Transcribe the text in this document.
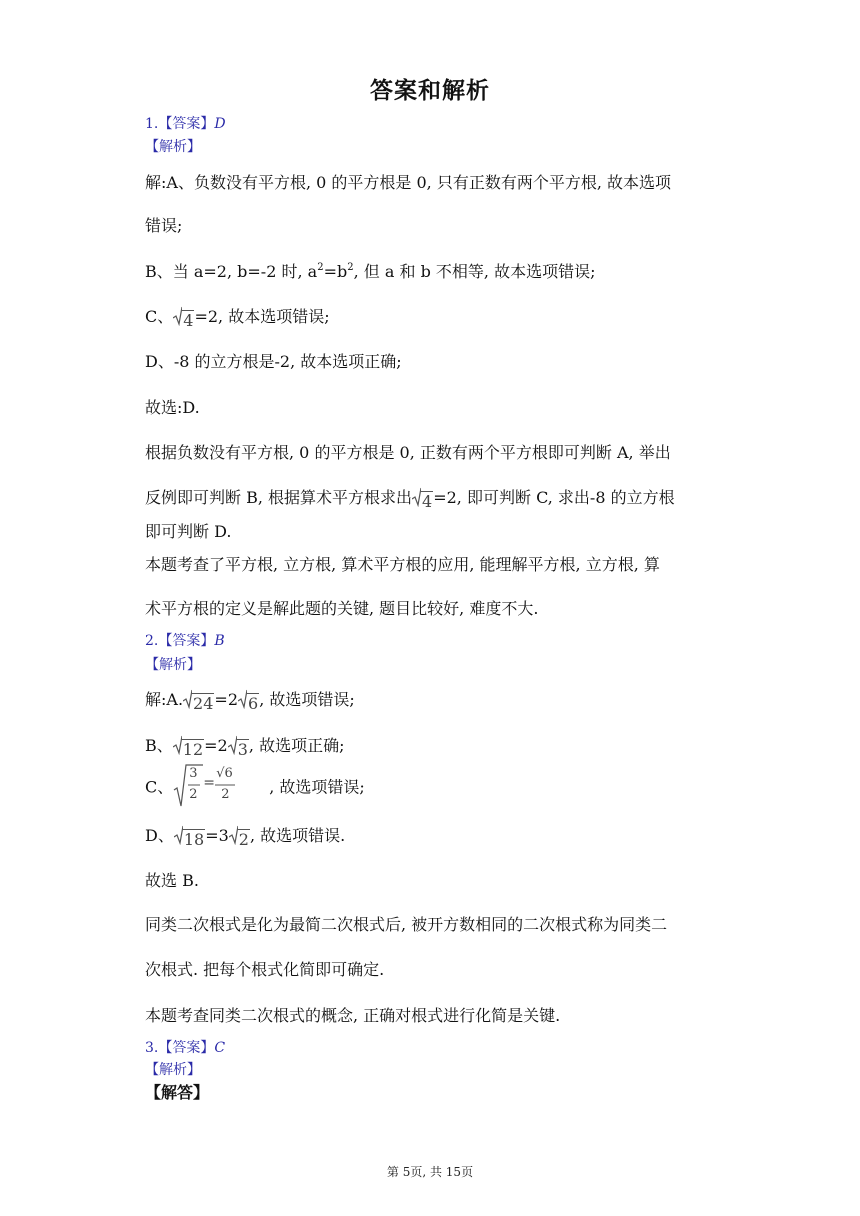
答案和解析
1.【答案】D
【解析】
解:A、负数没有平方根, 0 的平方根是 0, 只有正数有两个平方根, 故本选项
错误;
B、当 a=2, b=-2 时, $a^2=b^2$, 但 a 和 b 不相等, 故本选项错误;
C、 4=2, 故本选项错误;
D、-8 的立方根是-2, 故本选项正确;
故选:D.
根据负数没有平方根, 0 的平方根是 0, 正数有两个平方根即可判断 A, 举出
反例即可判断 B, 根据算术平方根求出 4=2, 即可判断 C, 求出-8 的立方根
即可判断 D.
本题考查了平方根, 立方根, 算术平方根的应用, 能理解平方根, 立方根, 算
术平方根的定义是解此题的关键, 题目比较好, 难度不大.
2.【答案】B
【解析】
解:A. 24=2 6, 故选项错误;
B、 12=2 3, 故选项正确;
C、
3
2
=
√6
2 , 故选项错误;
D、 18=3 2, 故选项错误.
故选 B.
同类二次根式是化为最简二次根式后, 被开方数相同的二次根式称为同类二
次根式. 把每个根式化简即可确定.
本题考查同类二次根式的概念, 正确对根式进行化简是关键.
3.【答案】C
【解析】
【解答】
第 5页, 共 15页
